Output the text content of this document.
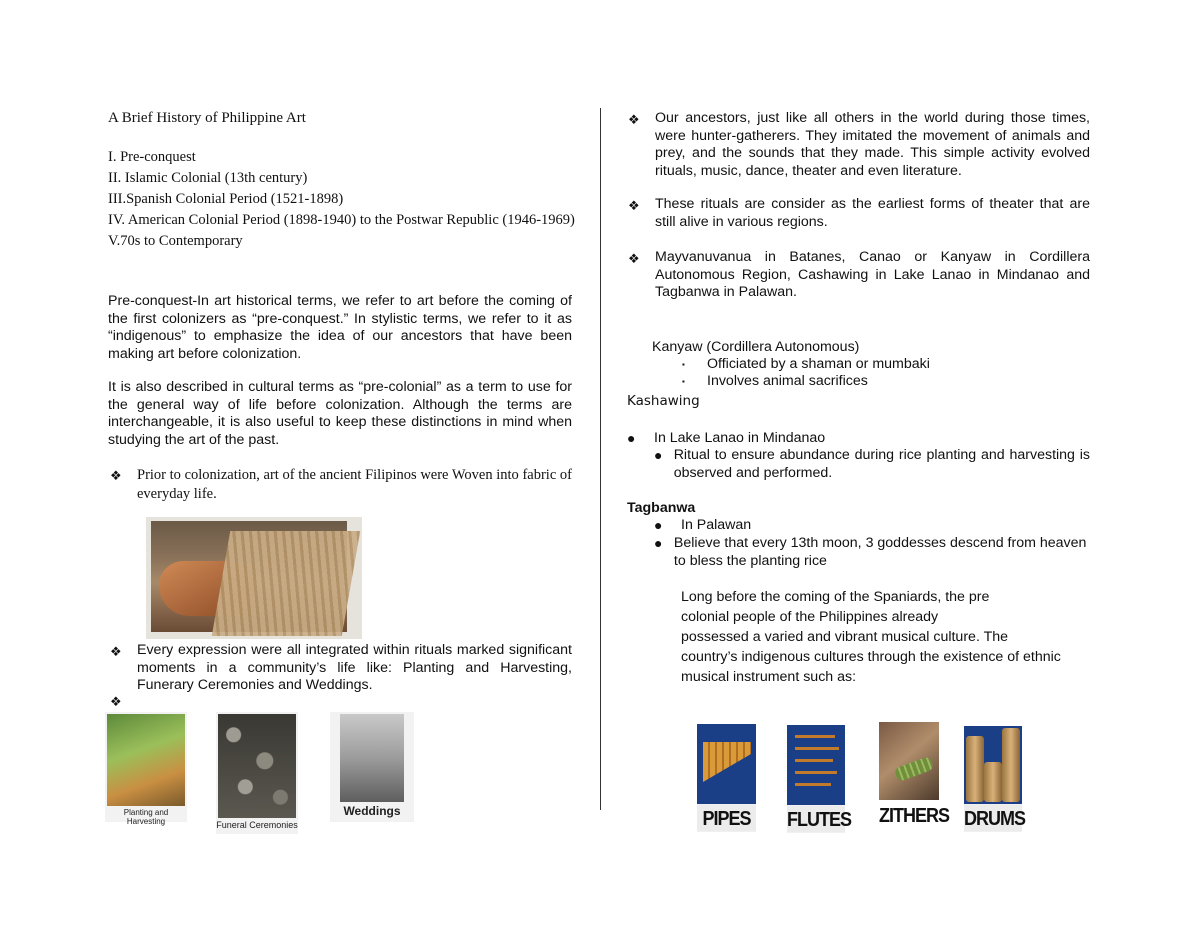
A Brief History of Philippine Art
I. Pre-conquest
II. Islamic Colonial (13th century)
III.Spanish Colonial Period (1521-1898)
IV. American Colonial Period (1898-1940) to the Postwar Republic (1946-1969)
V.70s to Contemporary
Pre-conquest-In art historical terms, we refer to art before the coming of the first colonizers as “pre-conquest.” In stylistic terms, we refer to it as “indigenous” to emphasize the idea of our ancestors that have been making art before colonization.
It is also described in cultural terms as “pre-colonial” as a term to use for the general way of life before colonization. Although the terms are interchangeable, it is also useful to keep these distinctions in mind when studying the art of the past.
❖	Prior to colonization, art of the ancient Filipinos were Woven into fabric of everyday life.
❖	Every expression were all integrated within rituals marked significant moments in a community’s life like: Planting and Harvesting, Funerary Ceremonies and Weddings.
❖
Planting and Harvesting	Funeral Ceremonies
Weddings
❖	Our ancestors, just like all others in the world during those times, were hunter-gatherers. They imitated the movement of animals and prey, and the sounds that they made. This simple activity evolved rituals, music, dance, theater and even literature.
❖	These rituals are consider as the earliest forms of theater that are still alive in various regions.
❖	Mayvanuvanua in Batanes, Canao or Kanyaw in Cordillera Autonomous Region, Cashawing in Lake Lanao in Mindanao and Tagbanwa in Palawan.
Kanyaw (Cordillera Autonomous)
▪	Officiated by a shaman or mumbaki
▪	Involves animal sacrifices
Kashawing
●	In Lake Lanao in Mindanao
● Ritual to ensure abundance during rice planting and harvesting is observed and performed.
Tagbanwa
●	In Palawan
● Believe that every 13th moon, 3 goddesses descend from heaven to bless the planting rice
Long before the coming of the Spaniards, the pre
colonial people of the Philippines already
possessed a varied and vibrant musical culture. The
country’s indigenous cultures through the existence of ethnic
musical instrument such as:
PIPES	FLUTES ZITHERS DRUMS
